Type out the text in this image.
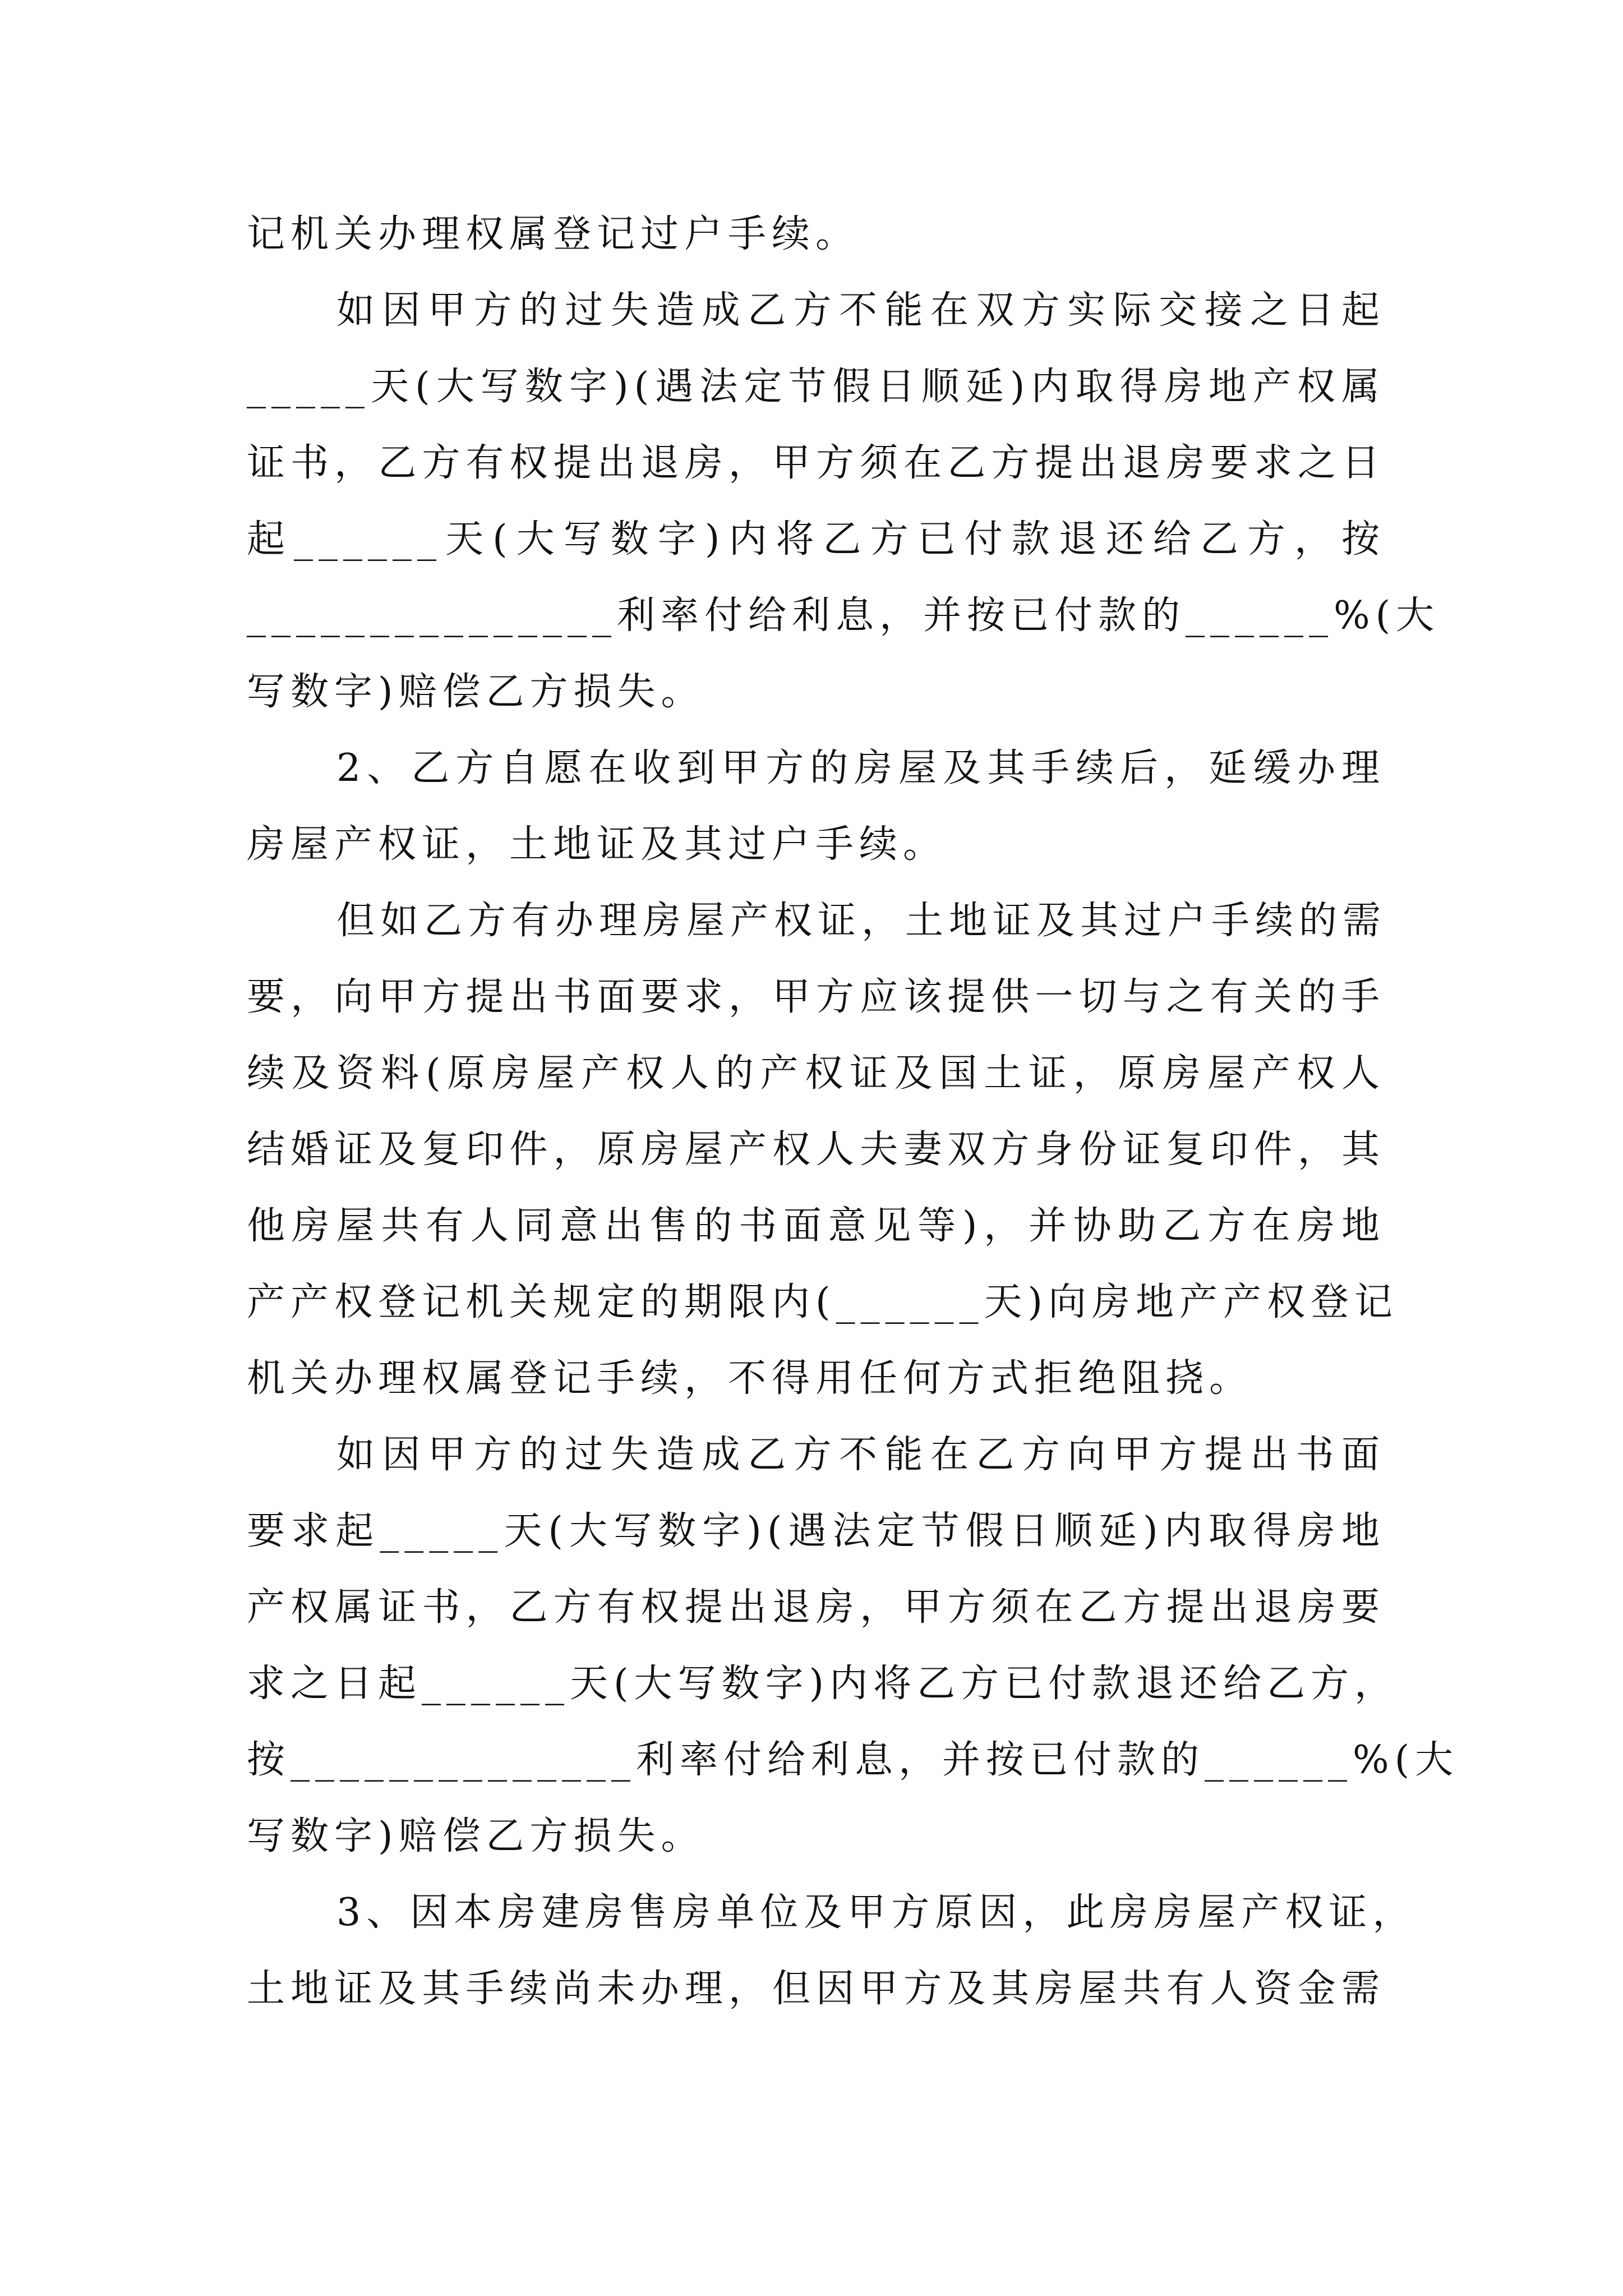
记机关办理权属登记过户手续。
如因甲方的过失造成乙方不能在双方实际交接之日起
_____天(大写数字)(遇法定节假日顺延)内取得房地产权属
证书，乙方有权提出退房，甲方须在乙方提出退房要求之日
起______天(大写数字)内将乙方已付款退还给乙方，按
_______________利率付给利息，并按已付款的______%(大
写数字)赔偿乙方损失。
2、乙方自愿在收到甲方的房屋及其手续后，延缓办理
房屋产权证，土地证及其过户手续。
但如乙方有办理房屋产权证，土地证及其过户手续的需
要，向甲方提出书面要求，甲方应该提供一切与之有关的手
续及资料(原房屋产权人的产权证及国土证，原房屋产权人
结婚证及复印件，原房屋产权人夫妻双方身份证复印件，其
他房屋共有人同意出售的书面意见等)，并协助乙方在房地
产产权登记机关规定的期限内(______天)向房地产产权登记
机关办理权属登记手续，不得用任何方式拒绝阻挠。
如因甲方的过失造成乙方不能在乙方向甲方提出书面
要求起_____天(大写数字)(遇法定节假日顺延)内取得房地
产权属证书，乙方有权提出退房，甲方须在乙方提出退房要
求之日起______天(大写数字)内将乙方已付款退还给乙方，
按______________利率付给利息，并按已付款的______%(大
写数字)赔偿乙方损失。
3、因本房建房售房单位及甲方原因，此房房屋产权证，
土地证及其手续尚未办理，但因甲方及其房屋共有人资金需
